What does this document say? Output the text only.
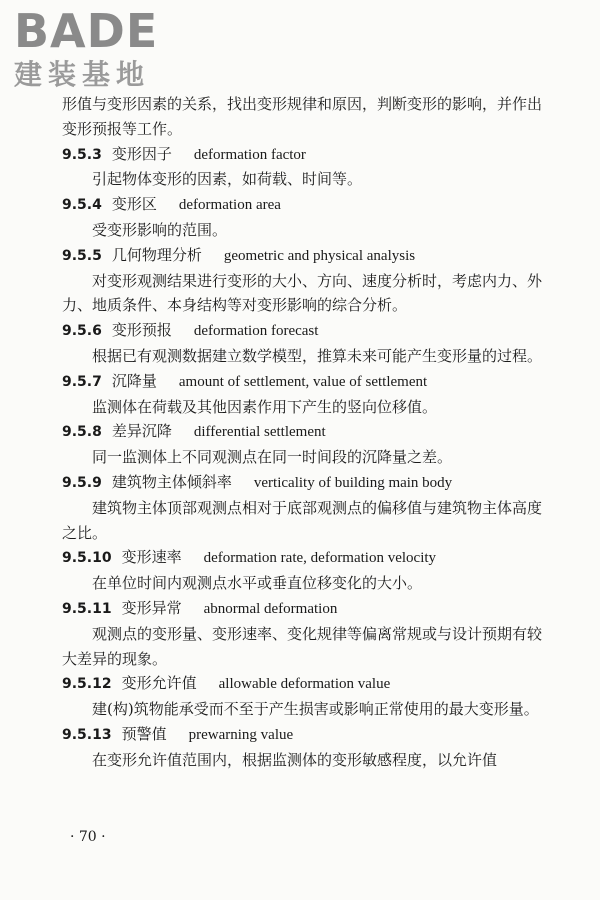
BADE
建装基地

形值与变形因素的关系，找出变形规律和原因，判断变形的影响，并作出变形预报等工作。

9.5.3 变形因子 deformation factor

引起物体变形的因素，如荷载、时间等。

9.5.4 变形区 deformation area

受变形影响的范围。

9.5.5 几何物理分析 geometric and physical analysis

对变形观测结果进行变形的大小、方向、速度分析时，考虑内力、外力、地质条件、本身结构等对变形影响的综合分析。

9.5.6 变形预报 deformation forecast

根据已有观测数据建立数学模型，推算未来可能产生变形量的过程。

9.5.7 沉降量 amount of settlement, value of settlement

监测体在荷载及其他因素作用下产生的竖向位移值。

9.5.8 差异沉降 differential settlement

同一监测体上不同观测点在同一时间段的沉降量之差。

9.5.9 建筑物主体倾斜率 verticality of building main body

建筑物主体顶部观测点相对于底部观测点的偏移值与建筑物主体高度之比。

9.5.10 变形速率 deformation rate, deformation velocity

在单位时间内观测点水平或垂直位移变化的大小。

9.5.11 变形异常 abnormal deformation

观测点的变形量、变形速率、变化规律等偏离常规或与设计预期有较大差异的现象。

9.5.12 变形允许值 allowable deformation value

建(构)筑物能承受而不至于产生损害或影响正常使用的最大变形量。

9.5.13 预警值 prewarning value

在变形允许值范围内，根据监测体的变形敏感程度，以允许值

· 70 ·
